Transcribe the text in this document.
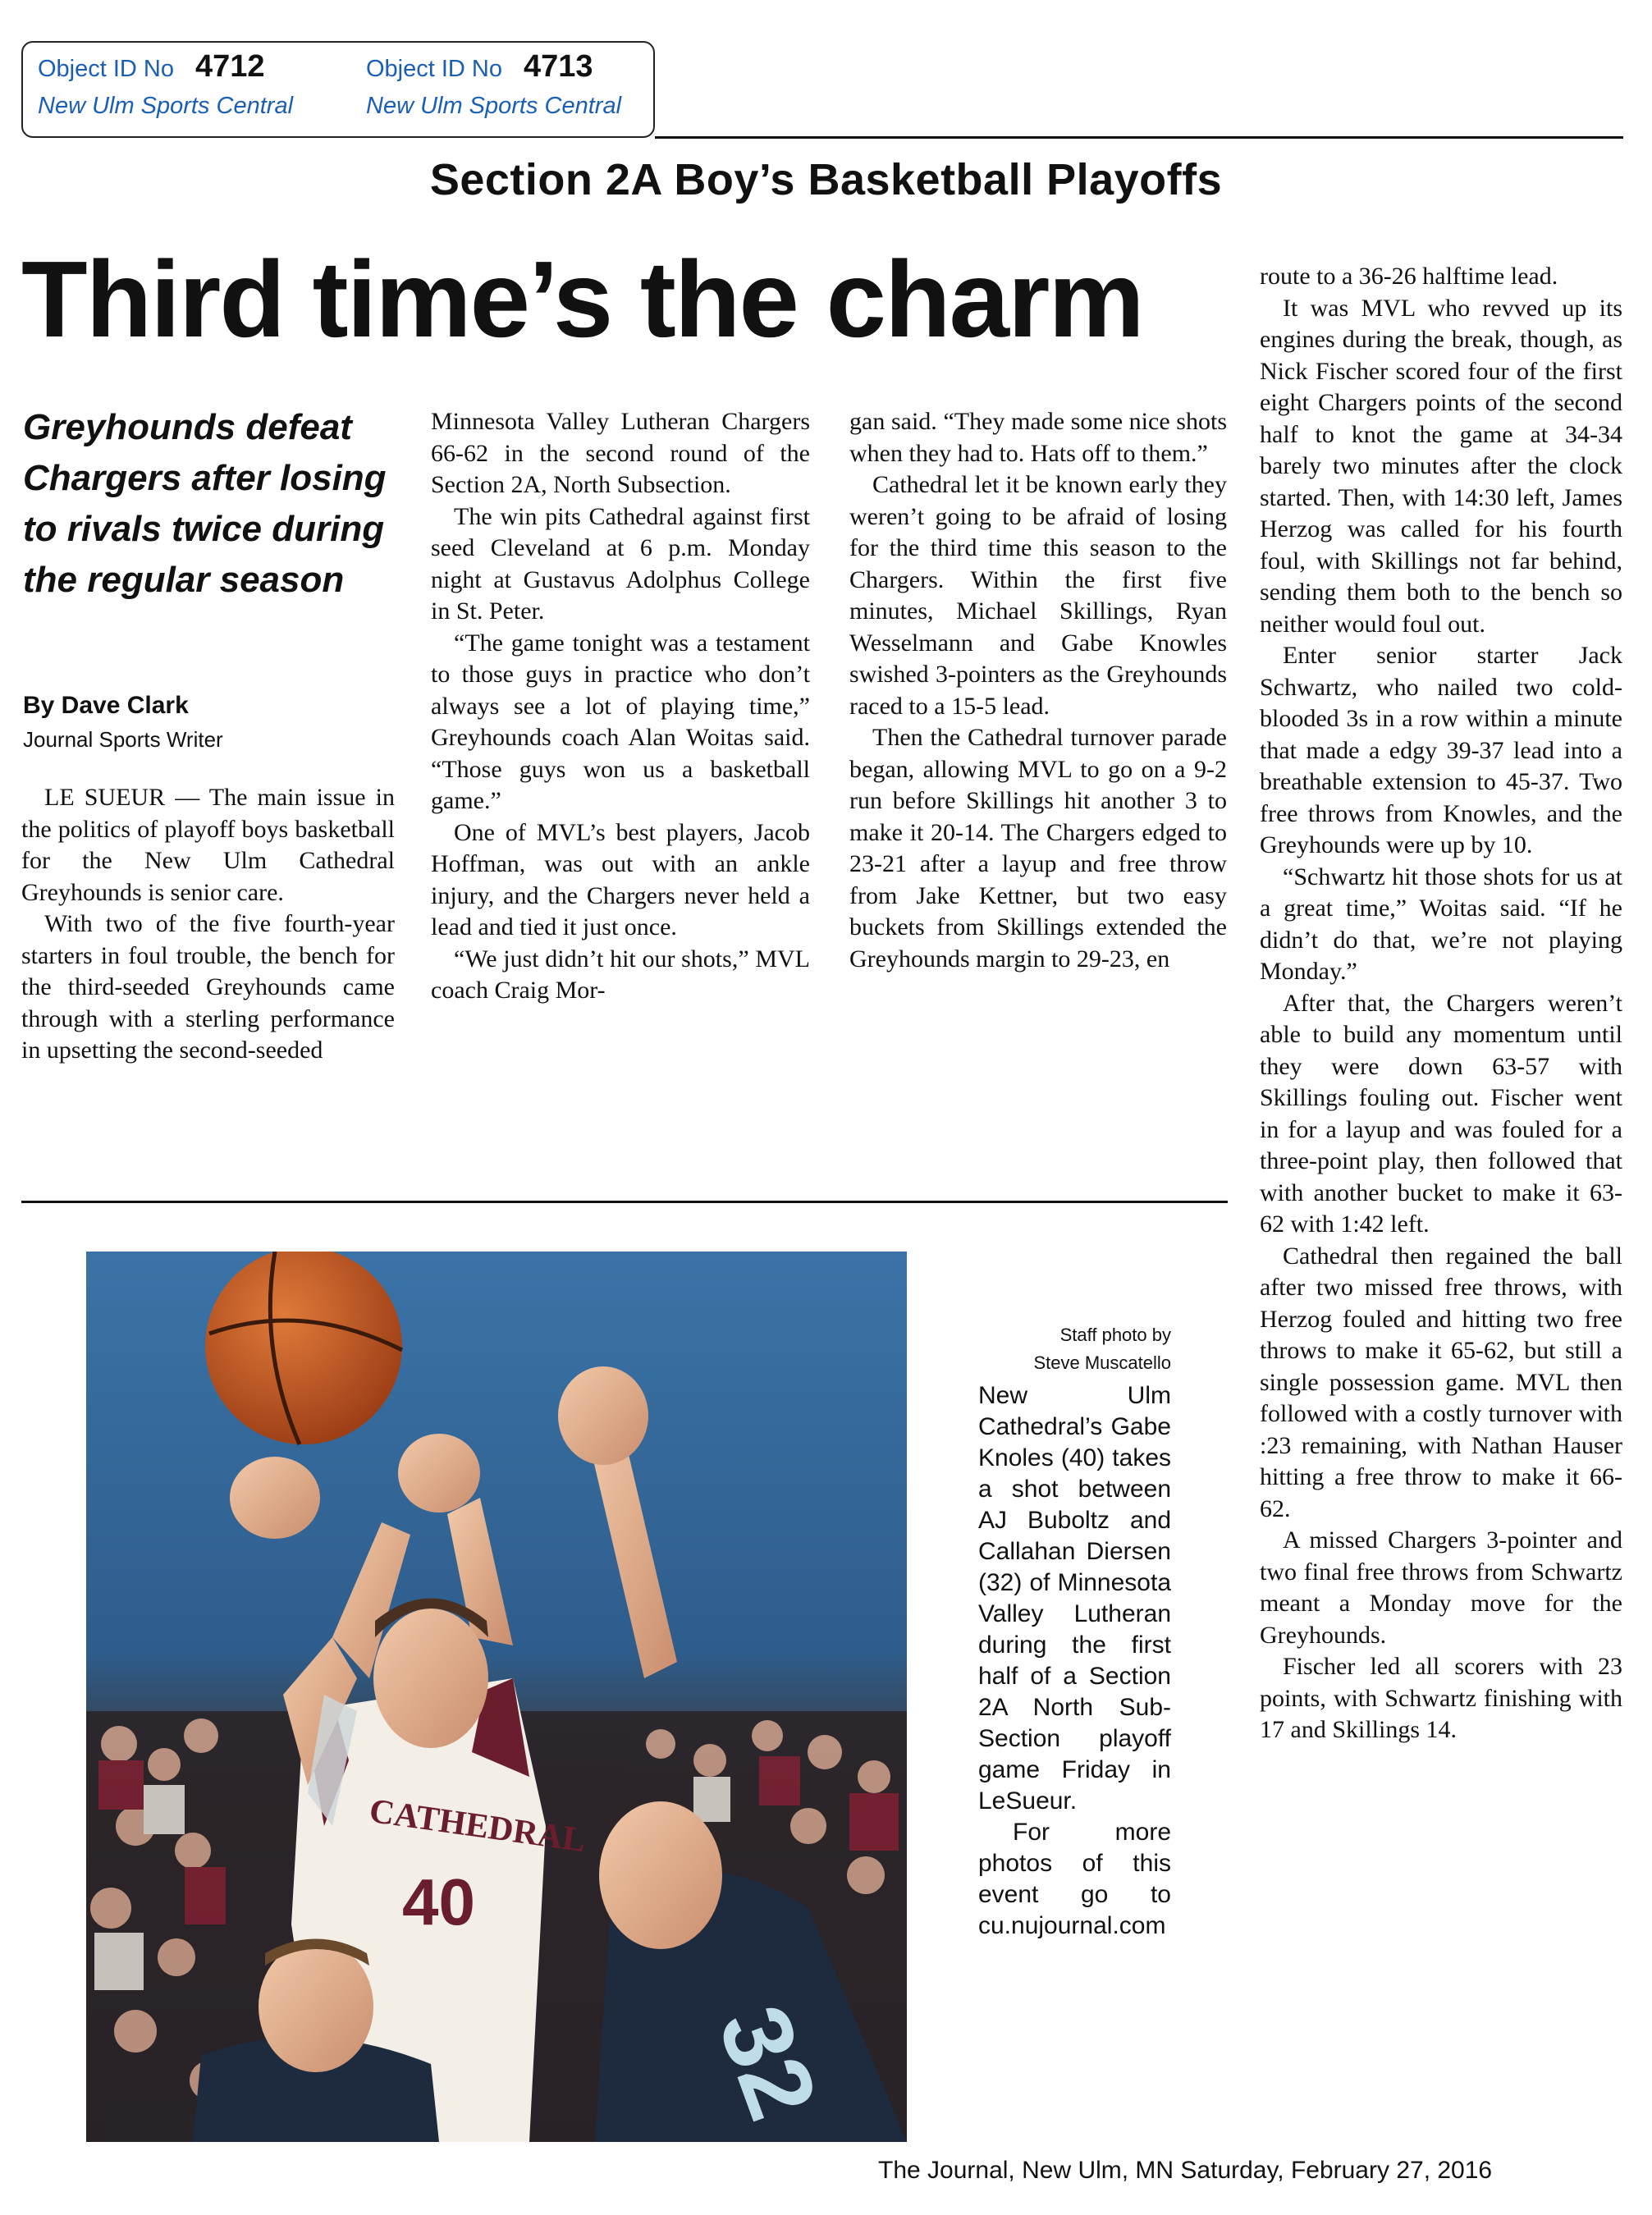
Object ID No 4712
New Ulm Sports Central
Object ID No 4713
New Ulm Sports Central
Section 2A Boy’s Basketball Playoffs
Third time’s the charm
Greyhounds defeat Chargers after losing to rivals twice during the regular season
By Dave Clark
Journal Sports Writer

LE SUEUR — The main issue in the politics of playoff boys basketball for the New Ulm Cathedral Greyhounds is senior care.

With two of the five fourth-year starters in foul trouble, the bench for the third-seeded Greyhounds came through with a sterling performance in upsetting the second-seeded

Minnesota Valley Lutheran Chargers 66-62 in the second round of the Section 2A, North Subsection.

The win pits Cathedral against first seed Cleveland at 6 p.m. Monday night at Gustavus Adolphus College in St. Peter.

“The game tonight was a testament to those guys in practice who don’t always see a lot of playing time,” Greyhounds coach Alan Woitas said. “Those guys won us a basketball game.”

One of MVL’s best players, Jacob Hoffman, was out with an ankle injury, and the Chargers never held a lead and tied it just once.

“We just didn’t hit our shots,” MVL coach Craig Mor-

gan said. “They made some nice shots when they had to. Hats off to them.”

Cathedral let it be known early they weren’t going to be afraid of losing for the third time this season to the Chargers. Within the first five minutes, Michael Skillings, Ryan Wesselmann and Gabe Knowles swished 3-pointers as the Greyhounds raced to a 15-5 lead.

Then the Cathedral turnover parade began, allowing MVL to go on a 9-2 run before Skillings hit another 3 to make it 20-14. The Chargers edged to 23-21 after a layup and free throw from Jake Kettner, but two easy buckets from Skillings extended the Greyhounds margin to 29-23, en

route to a 36-26 halftime lead.

It was MVL who revved up its engines during the break, though, as Nick Fischer scored four of the first eight Chargers points of the second half to knot the game at 34-34 barely two minutes after the clock started. Then, with 14:30 left, James Herzog was called for his fourth foul, with Skillings not far behind, sending them both to the bench so neither would foul out.

Enter senior starter Jack Schwartz, who nailed two cold-blooded 3s in a row within a minute that made a edgy 39-37 lead into a breathable extension to 45-37. Two free throws from Knowles, and the Greyhounds were up by 10.

“Schwartz hit those shots for us at a great time,” Woitas said. “If he didn’t do that, we’re not playing Monday.”

After that, the Chargers weren’t able to build any momentum until they were down 63-57 with Skillings fouling out. Fischer went in for a layup and was fouled for a three-point play, then followed that with another bucket to make it 63-62 with 1:42 left.

Cathedral then regained the ball after two missed free throws, with Herzog fouled and hitting two free throws to make it 65-62, but still a single possession game. MVL then followed with a costly turnover with :23 remaining, with Nathan Hauser hitting a free throw to make it 66-62.

A missed Chargers 3-pointer and two final free throws from Schwartz meant a Monday move for the Greyhounds.

Fischer led all scorers with 23 points, with Schwartz finishing with 17 and Skillings 14.

CATHEDRAL
40
32
Staff photo by
Steve Muscatello
New Ulm Cathedral’s Gabe Knoles (40) takes a shot between AJ Buboltz and Callahan Diersen (32) of Minnesota Valley Lutheran during the first half of a Section 2A North Sub-Section playoff game Friday in LeSueur.
For more photos of this event go to cu.nujournal.com
The Journal, New Ulm, MN Saturday, February 27, 2016
